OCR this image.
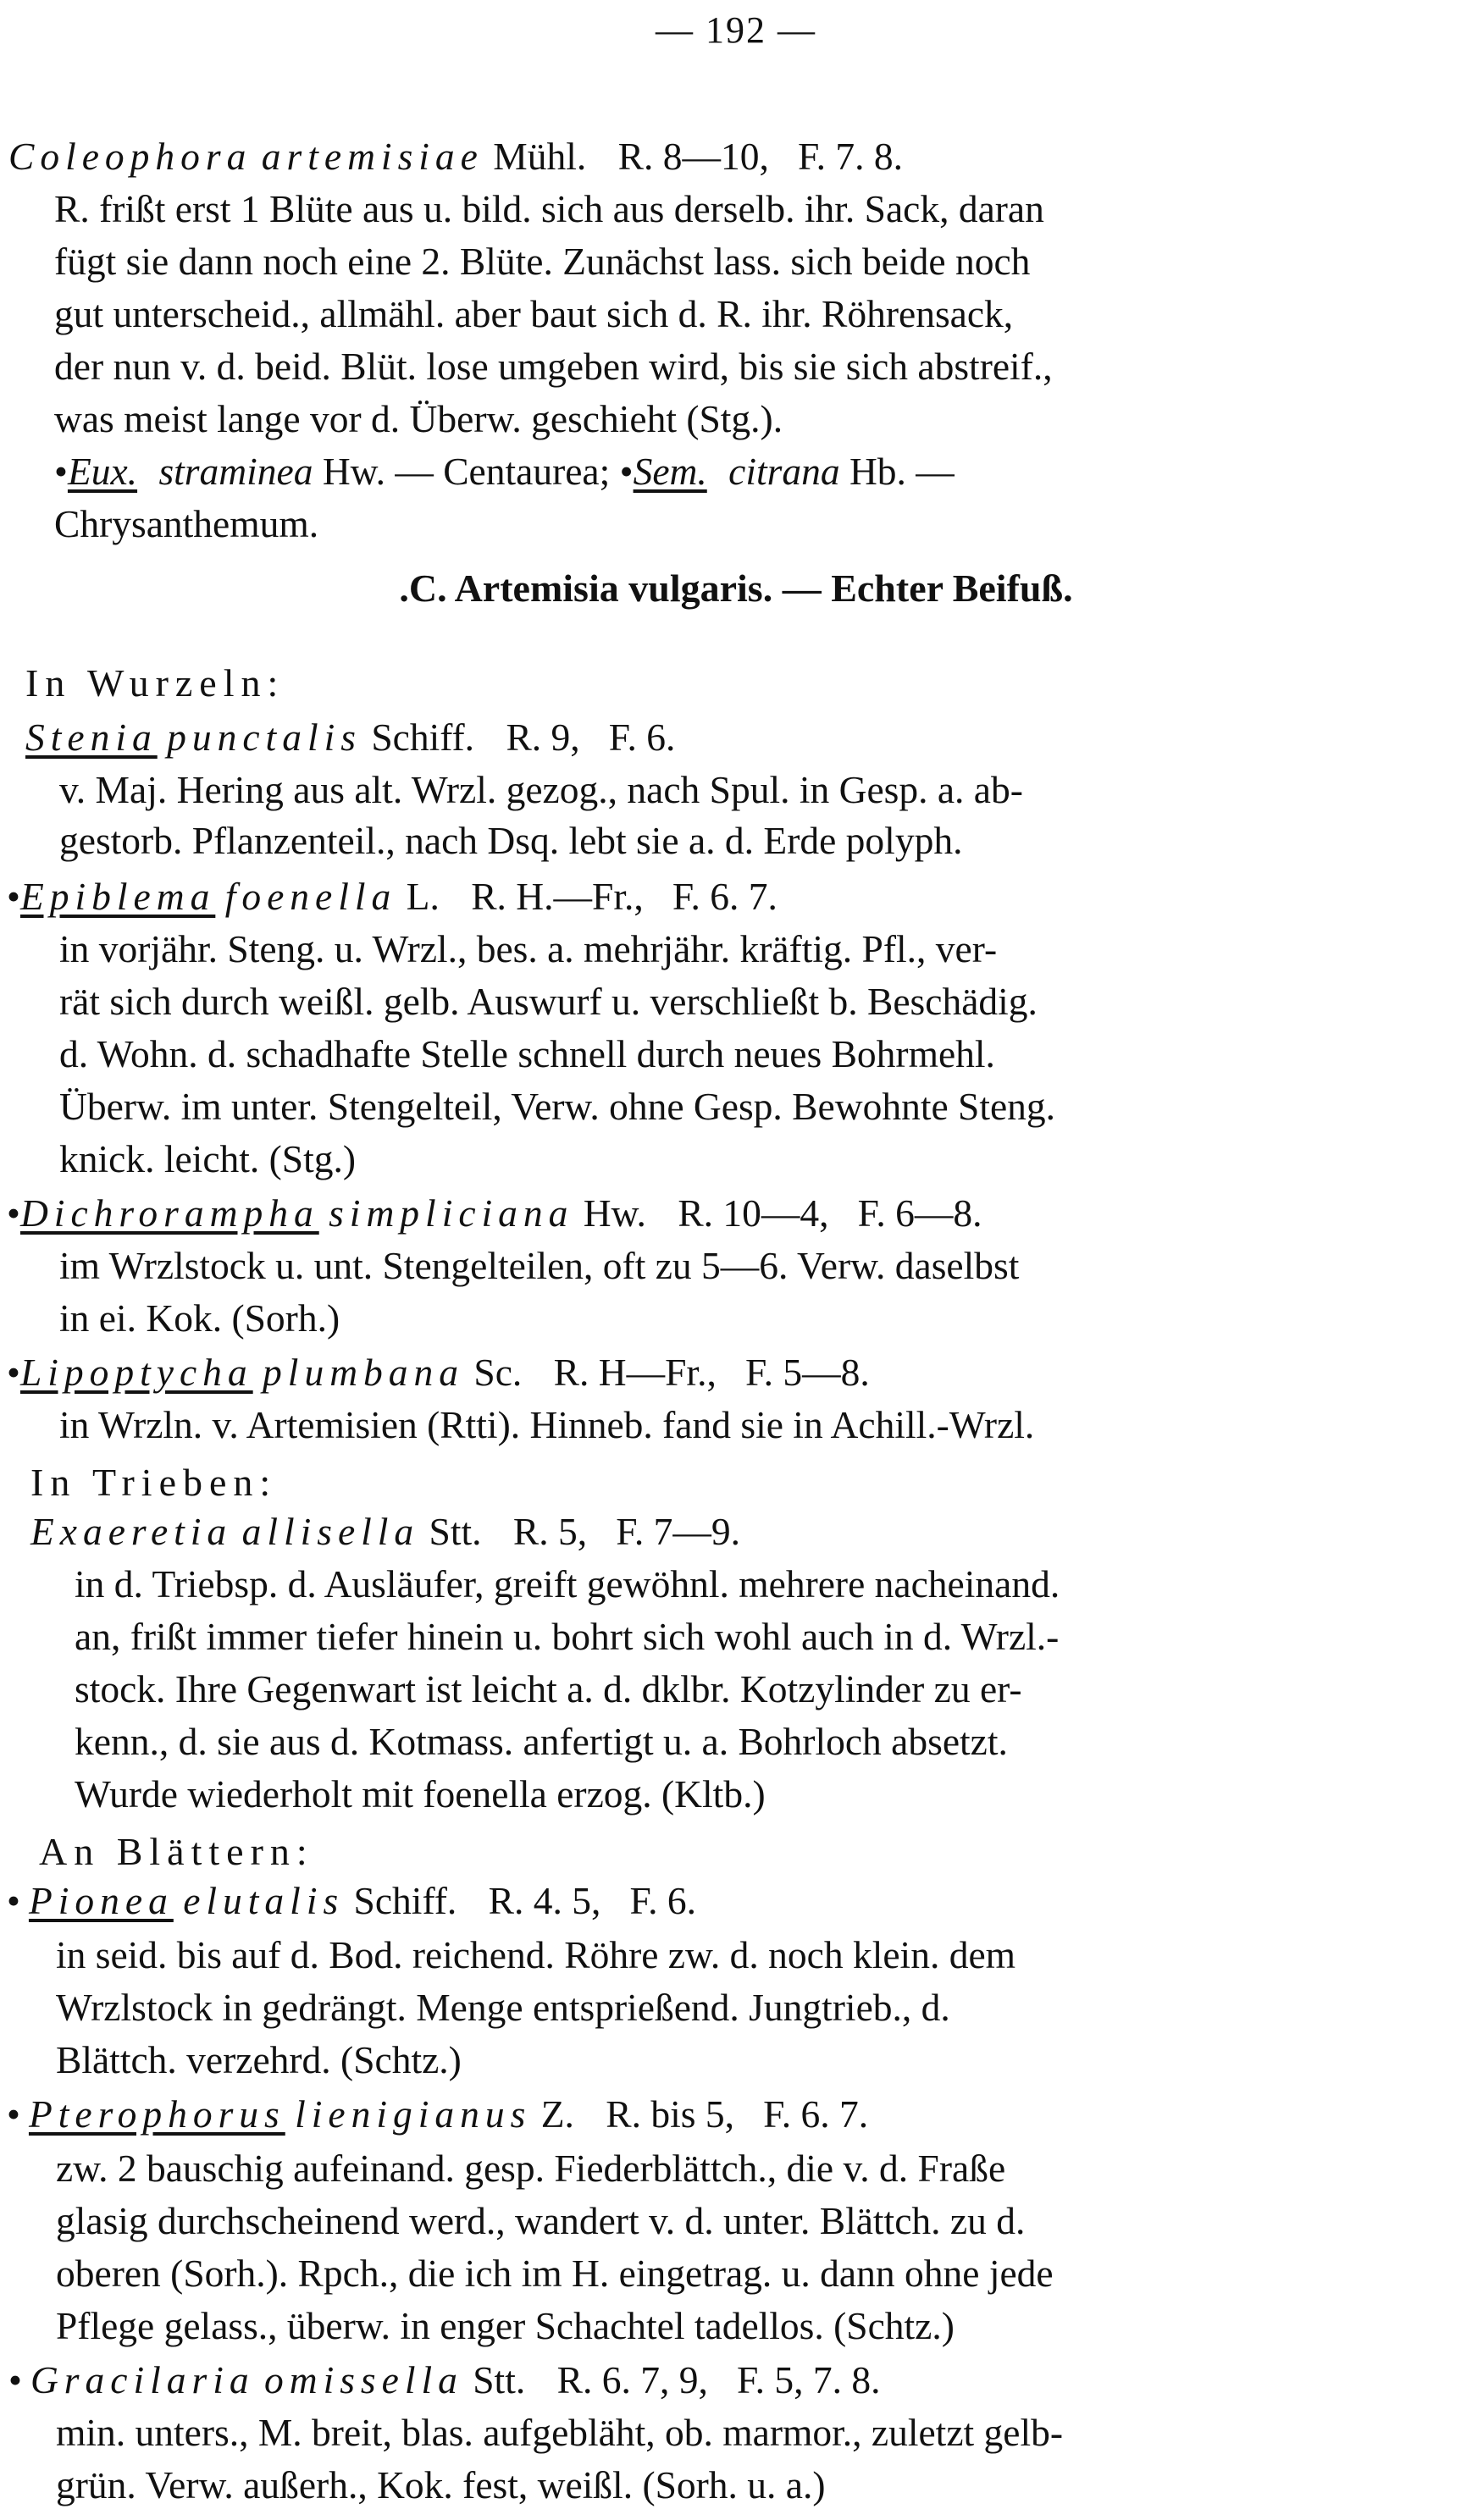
— 192 —
Coleophora artemisiae Mühl. R. 8—10,   F. 7. 8.
R. frißt erst 1 Blüte aus u. bild. sich aus derselb. ihr. Sack, daran
fügt sie dann noch eine 2. Blüte. Zunächst lass. sich beide noch
gut unterscheid., allmähl. aber baut sich d. R. ihr. Röhrensack,
der nun v. d. beid. Blüt. lose umgeben wird, bis sie sich abstreif.,
was meist lange vor d. Überw. geschieht (Stg.).
•Eux. straminea Hw. — Centaurea; •Sem. citrana Hb. —
Chrysanthemum.
.C. Artemisia vulgaris. — Echter Beifuß.
In Wurzeln:
Stenia punctalis Schiff. R. 9,   F. 6.
v. Maj. Hering aus alt. Wrzl. gezog., nach Spul. in Gesp. a. ab-
gestorb. Pflanzenteil., nach Dsq. lebt sie a. d. Erde polyph.
•Epiblema foenella L. R. H.—Fr.,   F. 6. 7.
in vorjähr. Steng. u. Wrzl., bes. a. mehrjähr. kräftig. Pfl., ver-
rät sich durch weißl. gelb. Auswurf u. verschließt b. Beschädig.
d. Wohn. d. schadhafte Stelle schnell durch neues Bohrmehl.
Überw. im unter. Stengelteil, Verw. ohne Gesp. Bewohnte Steng.
knick. leicht. (Stg.)
•Dichrorampha simpliciana Hw. R. 10—4,   F. 6—8.
im Wrzlstock u. unt. Stengelteilen, oft zu 5—6. Verw. daselbst
in ei. Kok. (Sorh.)
•Lipoptycha plumbana Sc. R. H—Fr.,   F. 5—8.
in Wrzln. v. Artemisien (Rtti). Hinneb. fand sie in Achill.-Wrzl.
In Trieben:
Exaeretia allisella Stt. R. 5,   F. 7—9.
in d. Triebsp. d. Ausläufer, greift gewöhnl. mehrere nacheinand.
an, frißt immer tiefer hinein u. bohrt sich wohl auch in d. Wrzl.-
stock. Ihre Gegenwart ist leicht a. d. dklbr. Kotzylinder zu er-
kenn., d. sie aus d. Kotmass. anfertigt u. a. Bohrloch absetzt.
Wurde wiederholt mit foenella erzog. (Kltb.)
An Blättern:
• Pionea elutalis Schiff. R. 4. 5,   F. 6.
in seid. bis auf d. Bod. reichend. Röhre zw. d. noch klein. dem
Wrzlstock in gedrängt. Menge entsprießend. Jungtrieb., d.
Blättch. verzehrd. (Schtz.)
• Pterophorus lienigianus Z. R. bis 5,   F. 6. 7.
zw. 2 bauschig aufeinand. gesp. Fiederblättch., die v. d. Fraße
glasig durchscheinend werd., wandert v. d. unter. Blättch. zu d.
oberen (Sorh.). Rpch., die ich im H. eingetrag. u. dann ohne jede
Pflege gelass., überw. in enger Schachtel tadellos. (Schtz.)
• Gracilaria omissella Stt. R. 6. 7, 9,   F. 5, 7. 8.
min. unters., M. breit, blas. aufgebläht, ob. marmor., zuletzt gelb-
grün. Verw. außerh., Kok. fest, weißl. (Sorh. u. a.)
